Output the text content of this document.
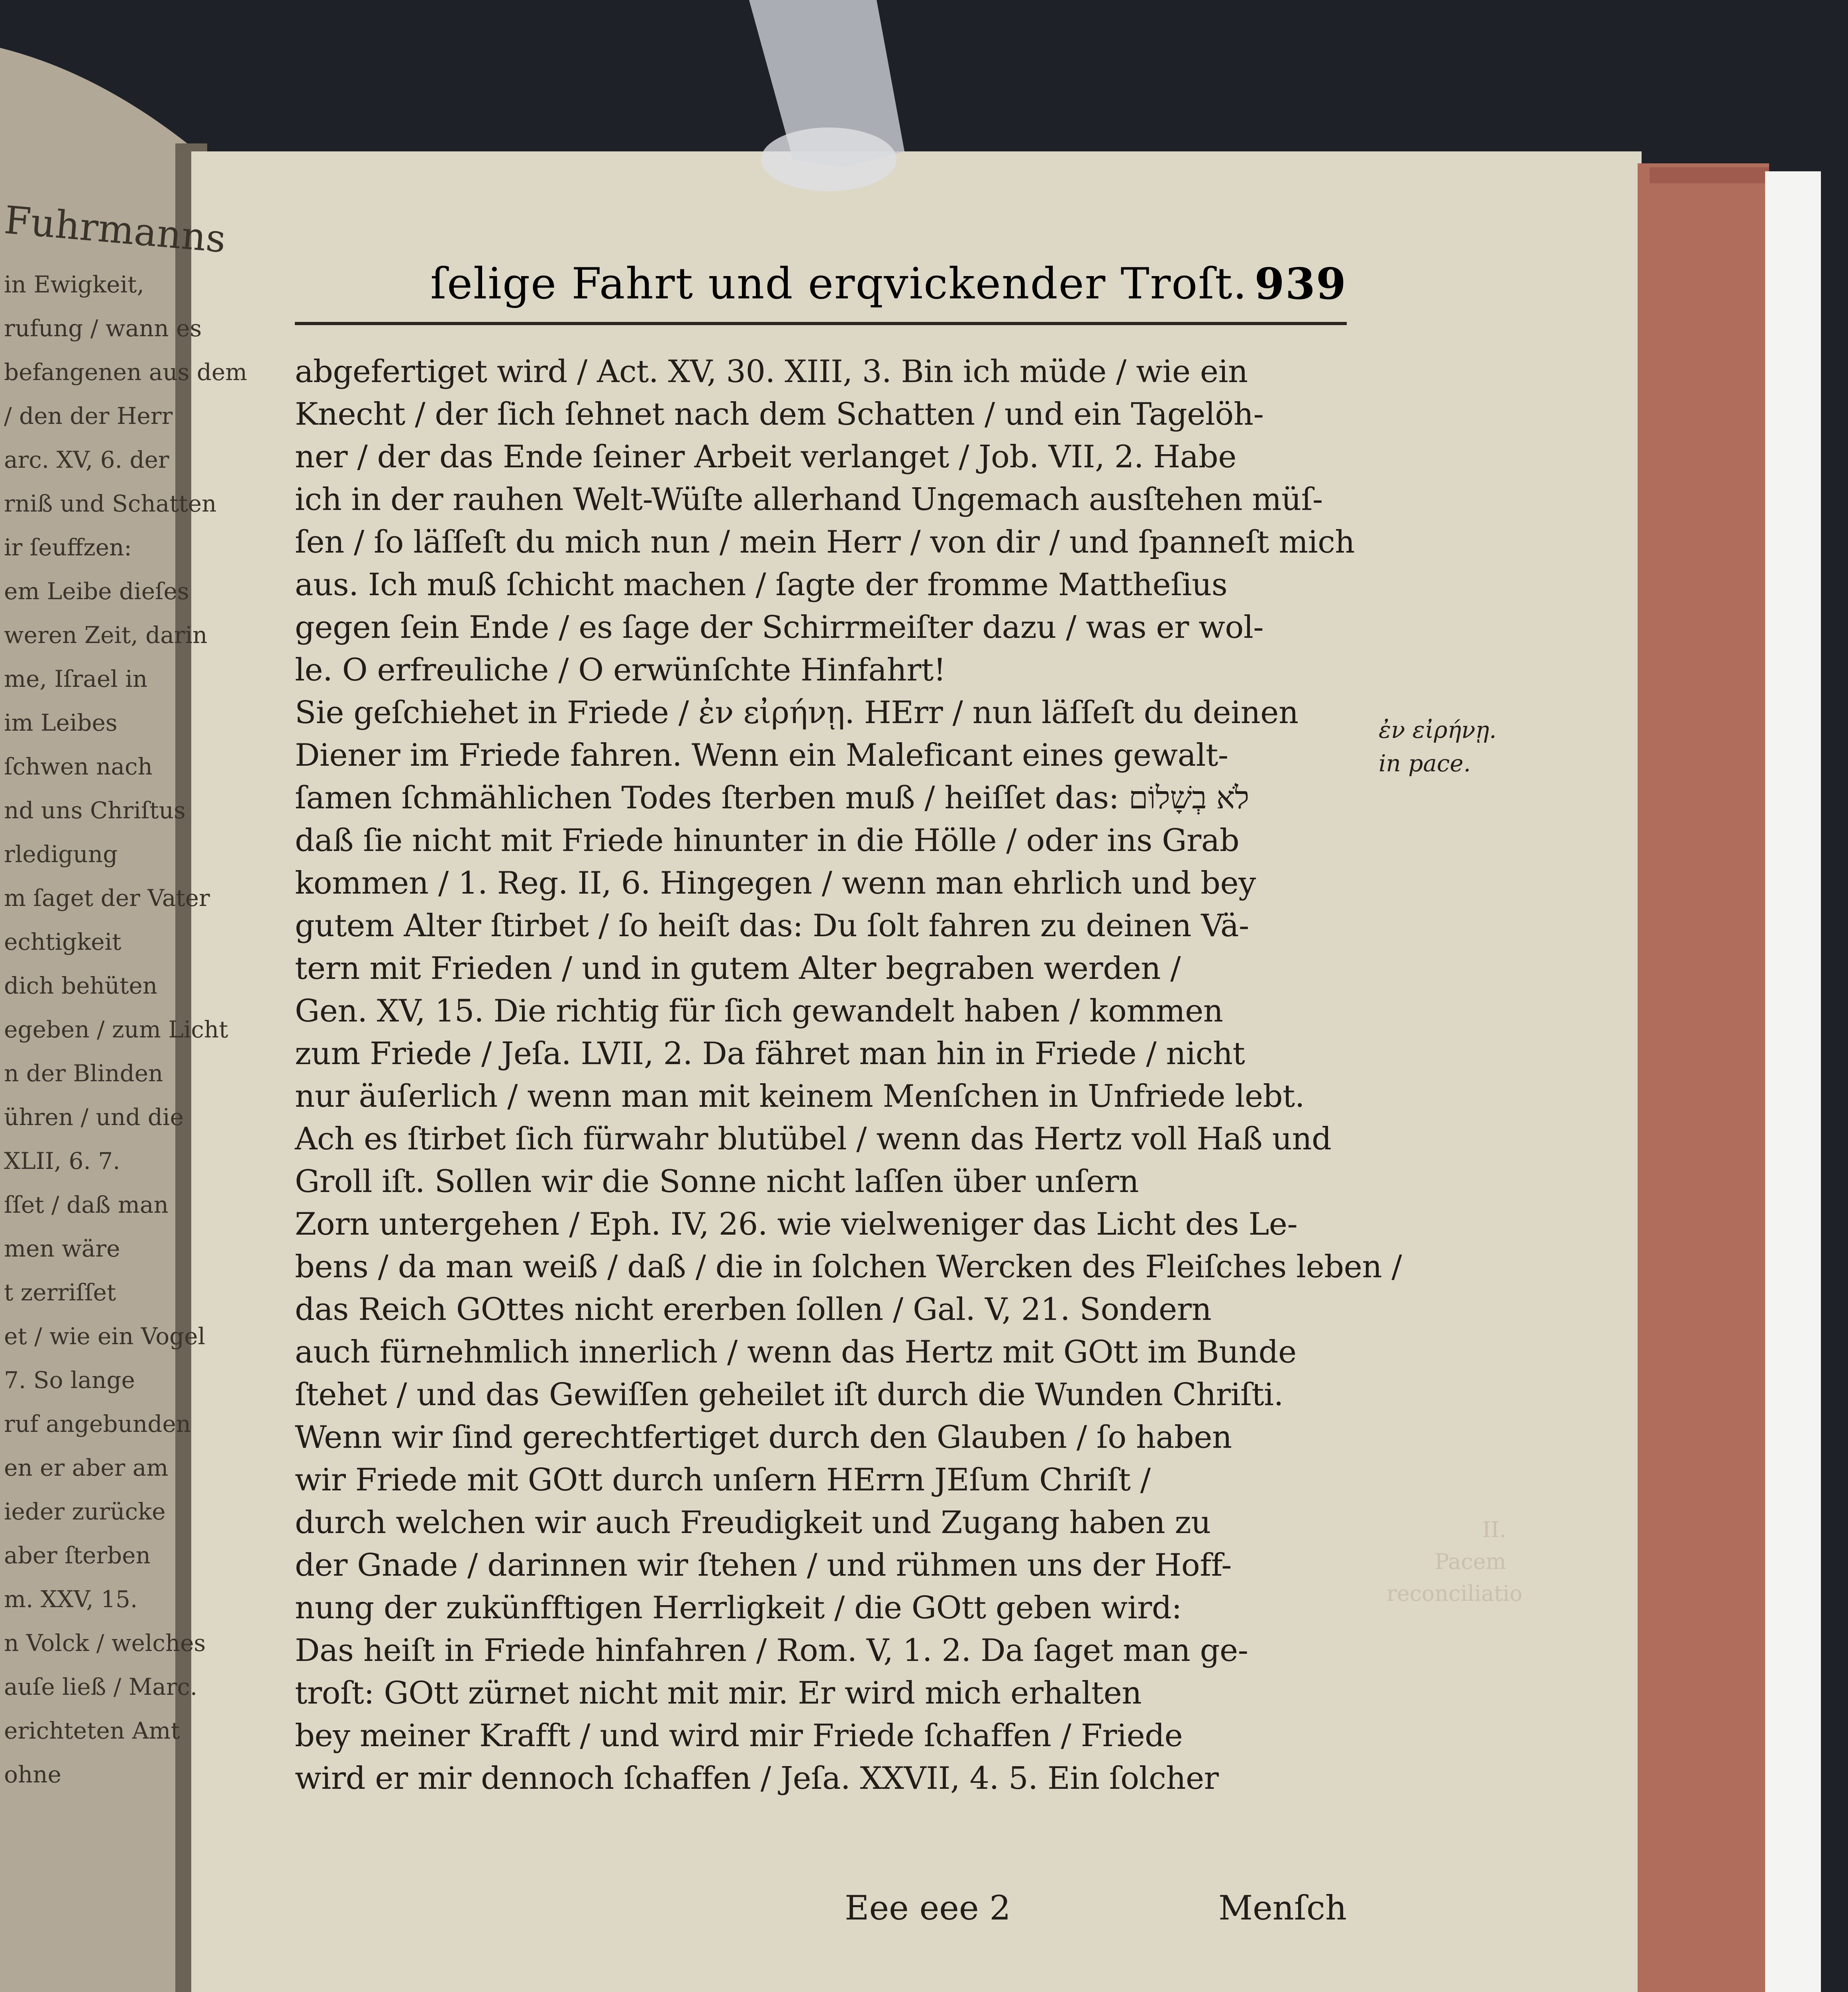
Fuhrmanns
in Ewigkeit,
rufung / wann es
befangenen aus dem
/ den der Herr
arc. XV, 6. der
rniß und Schatten
ir ſeuffzen:
em Leibe dieſes
weren Zeit, darin
me, Iſrael in
im Leibes
ſchwen nach
nd uns Chriſtus
rledigung
m ſaget der Vater
echtigkeit
dich behüten
egeben / zum Licht
n der Blinden
ühren / und die
XLII, 6. 7.
ſſet / daß man
men wäre
t zerriſſet
et / wie ein Vogel
7. So lange
ruf angebunden
en er aber am
ieder zurücke
aber ſterben
m. XXV, 15.
n Volck / welches
auſe ließ / Marc.
erichteten Amt
ohne
ſelige Fahrt und erqvickender Troſt. 939
abgefertiget wird / Act. XV, 30. XIII, 3. Bin ich müde / wie ein
Knecht / der ſich ſehnet nach dem Schatten / und ein Tagelöh-
ner / der das Ende ſeiner Arbeit verlanget / Job. VII, 2. Habe
ich in der rauhen Welt-Wüſte allerhand Ungemach ausſtehen müſ-
ſen / ſo läſſeſt du mich nun / mein Herr / von dir / und ſpanneſt mich
aus. Ich muß ſchicht machen / ſagte der fromme Mattheſius
gegen ſein Ende / es ſage der Schirrmeiſter dazu / was er wol-
le. O erfreuliche / O erwünſchte Hinfahrt!
Sie geſchiehet in Friede / ἐν εἰρήνῃ. HErr / nun läſſeſt du deinen
Diener im Friede fahren. Wenn ein Maleficant eines gewalt-
ſamen ſchmählichen Todes ſterben muß / heiſſet das: לֹא בְשָׁלוֹם
daß ſie nicht mit Friede hinunter in die Hölle / oder ins Grab
kommen / 1. Reg. II, 6. Hingegen / wenn man ehrlich und bey
gutem Alter ſtirbet / ſo heiſt das: Du ſolt fahren zu deinen Vä-
tern mit Frieden / und in gutem Alter begraben werden /
Gen. XV, 15. Die richtig für ſich gewandelt haben / kommen
zum Friede / Jeſa. LVII, 2. Da fähret man hin in Friede / nicht
nur äuſerlich / wenn man mit keinem Menſchen in Unfriede lebt.
Ach es ſtirbet ſich fürwahr blutübel / wenn das Hertz voll Haß und
Groll iſt. Sollen wir die Sonne nicht laſſen über unſern
Zorn untergehen / Eph. IV, 26. wie vielweniger das Licht des Le-
bens / da man weiß / daß / die in ſolchen Wercken des Fleiſches leben /
das Reich GOttes nicht ererben ſollen / Gal. V, 21. Sondern
auch fürnehmlich innerlich / wenn das Hertz mit GOtt im Bunde
ſtehet / und das Gewiſſen geheilet iſt durch die Wunden Chriſti.
Wenn wir ſind gerechtfertiget durch den Glauben / ſo haben
wir Friede mit GOtt durch unſern HErrn JEſum Chriſt /
durch welchen wir auch Freudigkeit und Zugang haben zu
der Gnade / darinnen wir ſtehen / und rühmen uns der Hoff-
nung der zukünfftigen Herrligkeit / die GOtt geben wird:
Das heiſt in Friede hinfahren / Rom. V, 1. 2. Da ſaget man ge-
troſt: GOtt zürnet nicht mit mir. Er wird mich erhalten
bey meiner Krafft / und wird mir Friede ſchaffen / Friede
wird er mir dennoch ſchaffen / Jeſa. XXVII, 4. 5. Ein ſolcher
Eee eee 2	Menſch
ἐν εἰρήνῃ.
in pace.
II.
Pacem
reconciliatio
